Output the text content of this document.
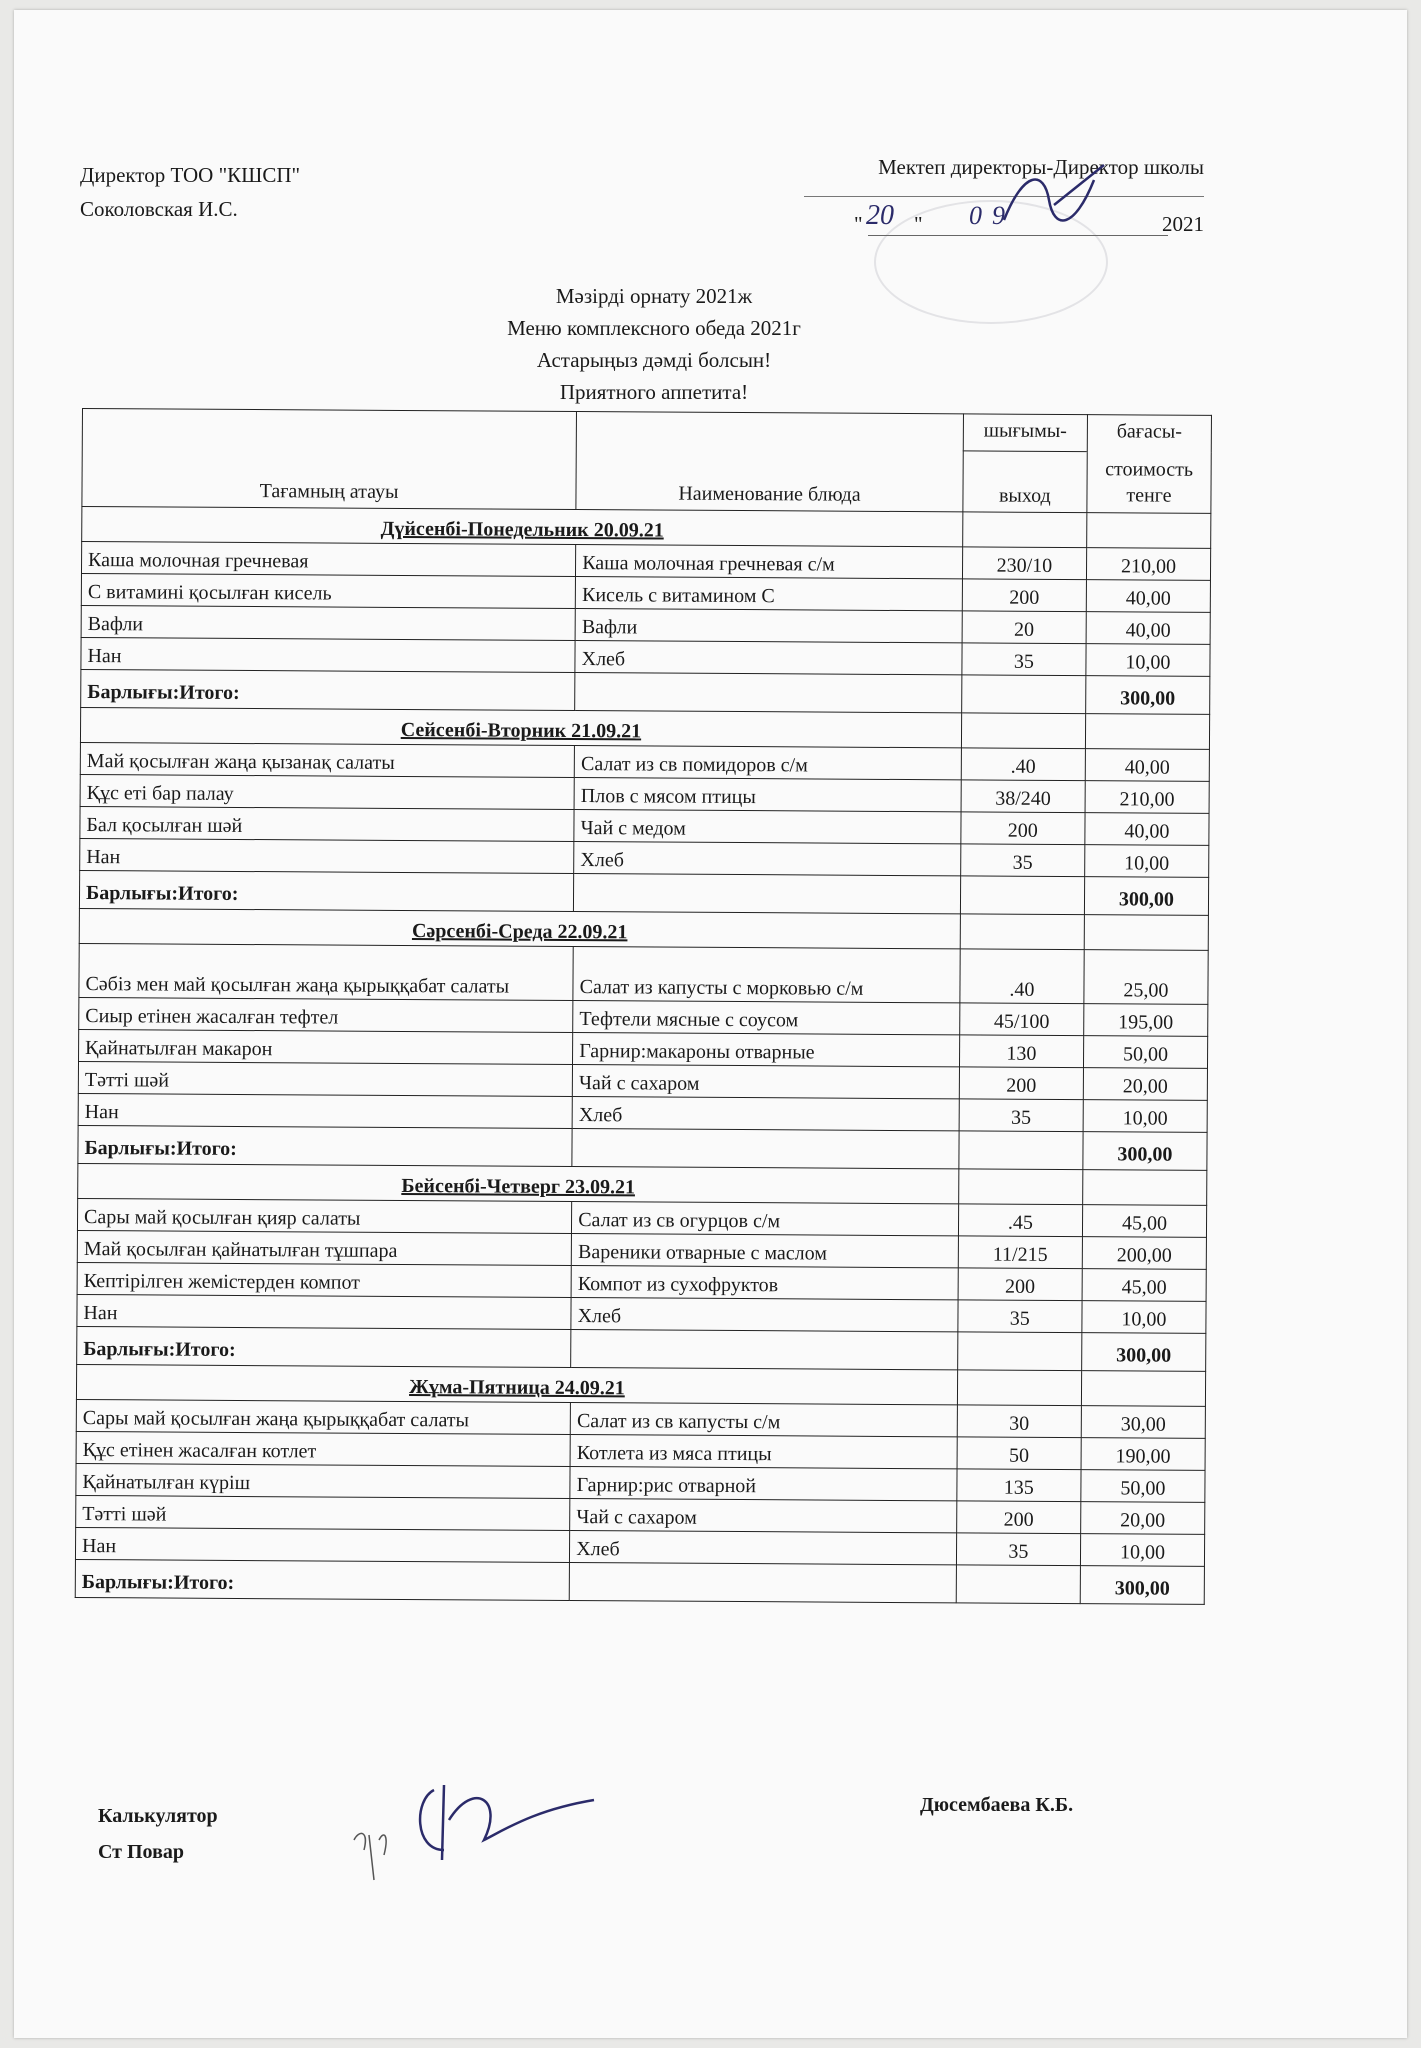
Директор ТОО "КШСП"
Соколовская И.С.
Мектеп директоры-Директор школы
" 20 " 09	2021
Мәзірді орнату 2021ж
Меню комплексного обеда 2021г
Астарыңыз дәмді болсын!
Приятного аппетита!
Тағамның атауы	Наименование блюда	шығымы-	бағасы-
		выход	стоимость
тенге

Дүйсенбі-Понедельник 20.09.21			
Каша молочная гречневая	Каша молочная гречневая с/м	230/10	210,00
С витамині қосылған кисель	Кисель с витамином С	200	40,00
Вафли	Вафли	20	40,00
Нан	Хлеб	35	10,00
Барлығы:Итого:			300,00
Сейсенбі-Вторник 21.09.21			
Май қосылған жаңа қызанақ салаты	Салат из св помидоров с/м	.40	40,00
Құс еті бар палау	Плов с мясом птицы	38/240	210,00
Бал қосылған шәй	Чай с медом	200	40,00
Нан	Хлеб	35	10,00
Барлығы:Итого:			300,00
Сәрсенбі-Среда 22.09.21			
Сәбіз мен май қосылған жаңа қырыққабат салаты	Салат из капусты с морковью с/м	.40	25,00
Сиыр етінен жасалған тефтел	Тефтели мясные с соусом	45/100	195,00
Қайнатылған макарон	Гарнир:макароны отварные	130	50,00
Тәтті шәй	Чай с сахаром	200	20,00
Нан	Хлеб	35	10,00
Барлығы:Итого:			300,00
Бейсенбі-Четверг 23.09.21			
Сары май қосылған қияр салаты	Салат из св огурцов с/м	.45	45,00
Май қосылған қайнатылған тұшпара	Вареники отварные с маслом	11/215	200,00
Кептірілген жемістерден компот	Компот из сухофруктов	200	45,00
Нан	Хлеб	35	10,00
Барлығы:Итого:			300,00
Жұма-Пятница 24.09.21			
Сары май қосылған жаңа қырыққабат салаты	Салат из св капусты с/м	30	30,00
Құс етінен жасалған котлет	Котлета из мяса птицы	50	190,00
Қайнатылған күріш	Гарнир:рис отварной	135	50,00
Тәтті шәй	Чай с сахаром	200	20,00
Нан	Хлеб	35	10,00
Барлығы:Итого:			300,00
Калькулятор
Ст Повар
Дюсембаева К.Б.
